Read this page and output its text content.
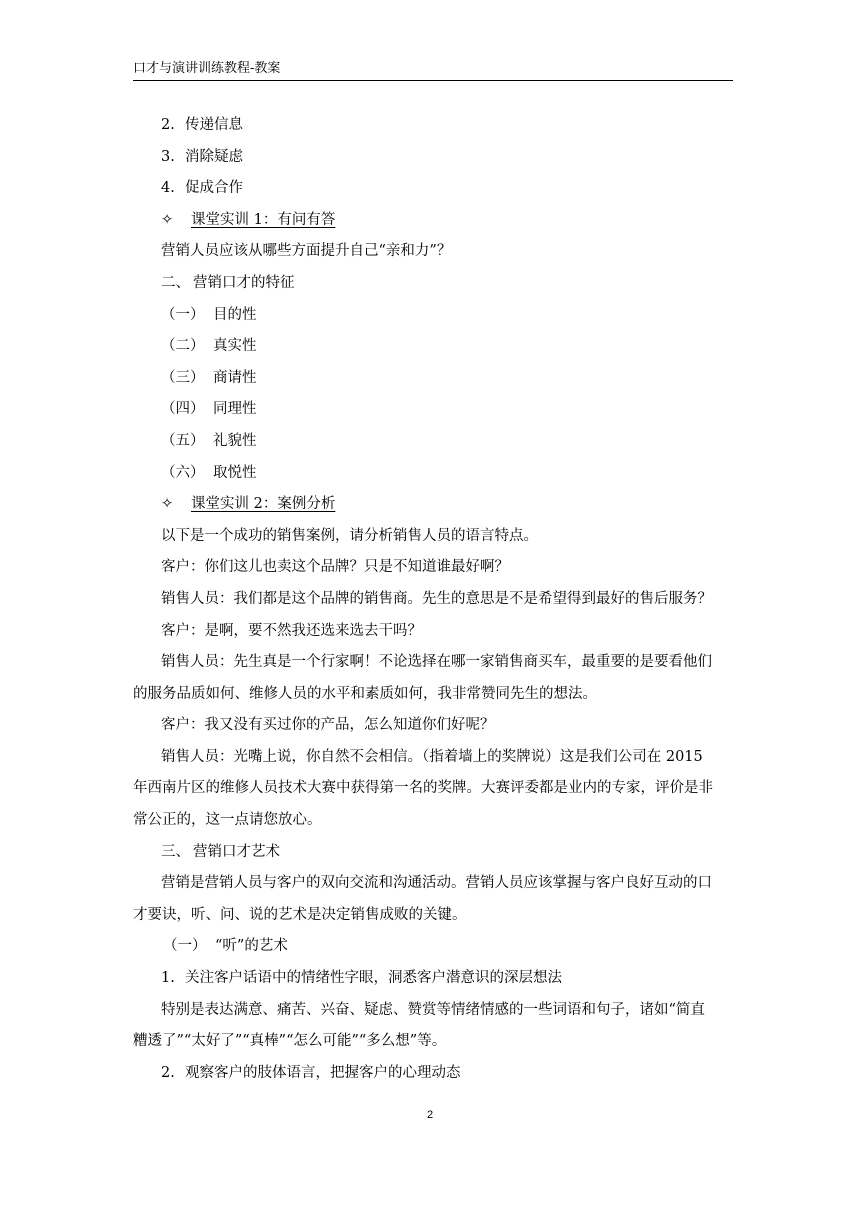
口才与演讲训练教程-教案
2. 传递信息
3. 消除疑虑
4. 促成合作
✧ 课堂实训 1：有问有答
营销人员应该从哪些方面提升自己“亲和力”？
二、 营销口才的特征
（一） 目的性
（二） 真实性
（三） 商请性
（四） 同理性
（五） 礼貌性
（六） 取悦性
✧ 课堂实训 2：案例分析
以下是一个成功的销售案例，请分析销售人员的语言特点。
客户：你们这儿也卖这个品牌？只是不知道谁最好啊？
销售人员：我们都是这个品牌的销售商。先生的意思是不是希望得到最好的售后服务？
客户：是啊，要不然我还选来选去干吗？
销售人员：先生真是一个行家啊！不论选择在哪一家销售商买车，最重要的是要看他们
的服务品质如何、维修人员的水平和素质如何，我非常赞同先生的想法。
客户：我又没有买过你的产品，怎么知道你们好呢？
销售人员：光嘴上说，你自然不会相信。（指着墙上的奖牌说）这是我们公司在 2015
年西南片区的维修人员技术大赛中获得第一名的奖牌。大赛评委都是业内的专家，评价是非
常公正的，这一点请您放心。
三、 营销口才艺术
营销是营销人员与客户的双向交流和沟通活动。营销人员应该掌握与客户良好互动的口
才要诀，听、问、说的艺术是决定销售成败的关键。
（一） “听”的艺术
1. 关注客户话语中的情绪性字眼，洞悉客户潜意识的深层想法
特别是表达满意、痛苦、兴奋、疑虑、赞赏等情绪情感的一些词语和句子，诸如“简直
糟透了”“太好了”“真棒”“怎么可能”“多么想”等。
2. 观察客户的肢体语言，把握客户的心理动态
2
